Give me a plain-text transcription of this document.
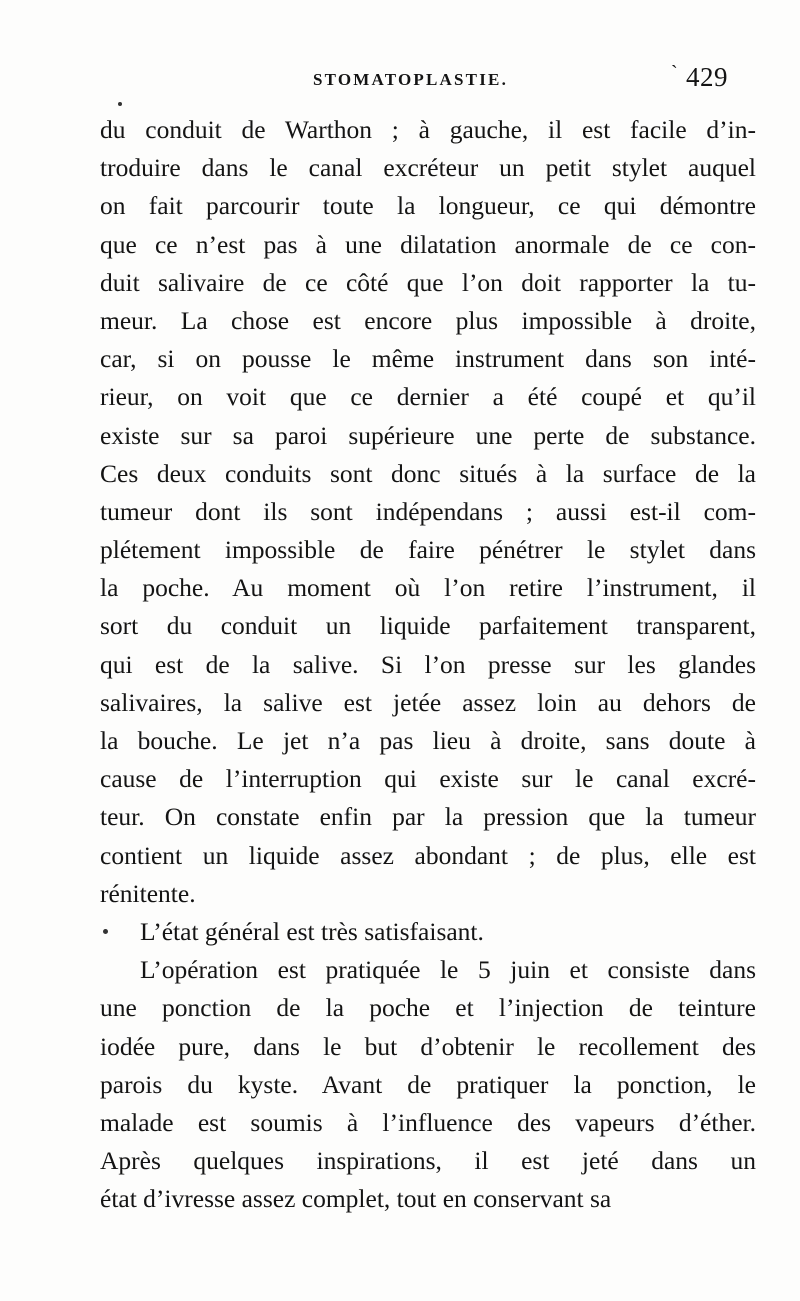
STOMATOPLASTIE.	ˋ 429
du conduit de Warthon ; à gauche, il est facile d’in-
troduire dans le canal excréteur un petit stylet auquel
on fait parcourir toute la longueur, ce qui démontre
que ce n’est pas à une dilatation anormale de ce con-
duit salivaire de ce côté que l’on doit rapporter la tu-
meur. La chose est encore plus impossible à droite,
car, si on pousse le même instrument dans son inté-
rieur, on voit que ce dernier a été coupé et qu’il
existe sur sa paroi supérieure une perte de substance.
Ces deux conduits sont donc situés à la surface de la
tumeur dont ils sont indépendans ; aussi est-il com-
plétement impossible de faire pénétrer le stylet dans
la poche. Au moment où l’on retire l’instrument, il
sort du conduit un liquide parfaitement transparent,
qui est de la salive. Si l’on presse sur les glandes
salivaires, la salive est jetée assez loin au dehors de
la bouche. Le jet n’a pas lieu à droite, sans doute à
cause de l’interruption qui existe sur le canal excré-
teur. On constate enfin par la pression que la tumeur
contient un liquide assez abondant ; de plus, elle est
rénitente.
L’état général est très satisfaisant.
L’opération est pratiquée le 5 juin et consiste dans
une ponction de la poche et l’injection de teinture
iodée pure, dans le but d’obtenir le recollement des
parois du kyste. Avant de pratiquer la ponction, le
malade est soumis à l’influence des vapeurs d’éther.
Après quelques inspirations, il est jeté dans un
état d’ivresse assez complet, tout en conservant sa
